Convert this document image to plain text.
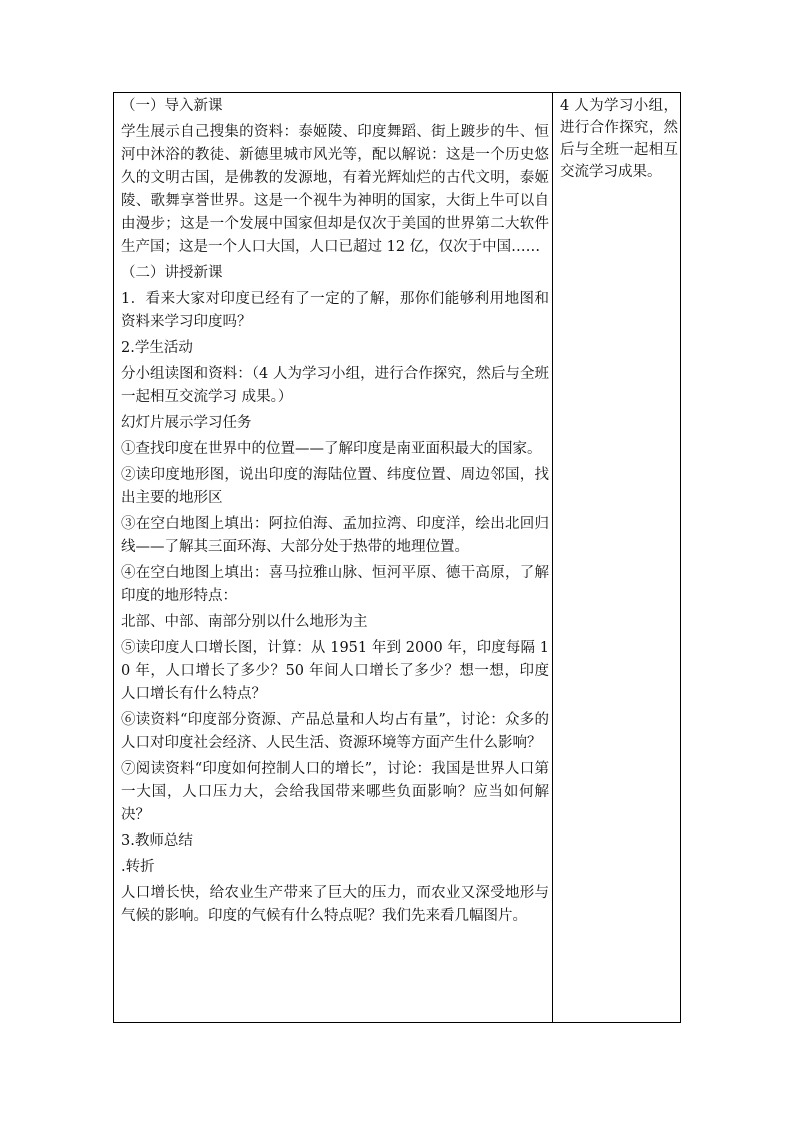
（一）导入新课

学生展示自己搜集的资料：泰姬陵、印度舞蹈、街上踱步的牛、恒河中沐浴的教徒、新德里城市风光等，配以解说：这是一个历史悠久的文明古国，是佛教的发源地，有着光辉灿烂的古代文明，泰姬陵、歌舞享誉世界。这是一个视牛为神明的国家，大街上牛可以自由漫步；这是一个发展中国家但却是仅次于美国的世界第二大软件生产国；这是一个人口大国，人口已超过 12 亿，仅次于中国……

（二）讲授新课

1．看来大家对印度已经有了一定的了解，那你们能够利用地图和资料来学习印度吗？

2.学生活动

分小组读图和资料：（4 人为学习小组，进行合作探究，然后与全班一起相互交流学习 成果。）

幻灯片展示学习任务

①查找印度在世界中的位置——了解印度是南亚面积最大的国家。

②读印度地形图，说出印度的海陆位置、纬度位置、周边邻国，找出主要的地形区

③在空白地图上填出：阿拉伯海、孟加拉湾、印度洋，绘出北回归线——了解其三面环海、大部分处于热带的地理位置。

④在空白地图上填出：喜马拉雅山脉、恒河平原、德干高原，了解印度的地形特点：

北部、中部、南部分别以什么地形为主

⑤读印度人口增长图，计算：从 1951 年到 2000 年，印度每隔 10 年，人口增长了多少？50 年间人口增长了多少？想一想，印度人口增长有什么特点？

⑥读资料“印度部分资源、产品总量和人均占有量”，讨论：众多的人口对印度社会经济、人民生活、资源环境等方面产生什么影响？

⑦阅读资料“印度如何控制人口的增长”，讨论：我国是世界人口第一大国，人口压力大，会给我国带来哪些负面影响？应当如何解决？

3.教师总结

.转折

人口增长快，给农业生产带来了巨大的压力，而农业又深受地形与气候的影响。印度的气候有什么特点呢？我们先来看几幅图片。

4 人为学习小组，进行合作探究，然后与全班一起相互交流学习成果。
